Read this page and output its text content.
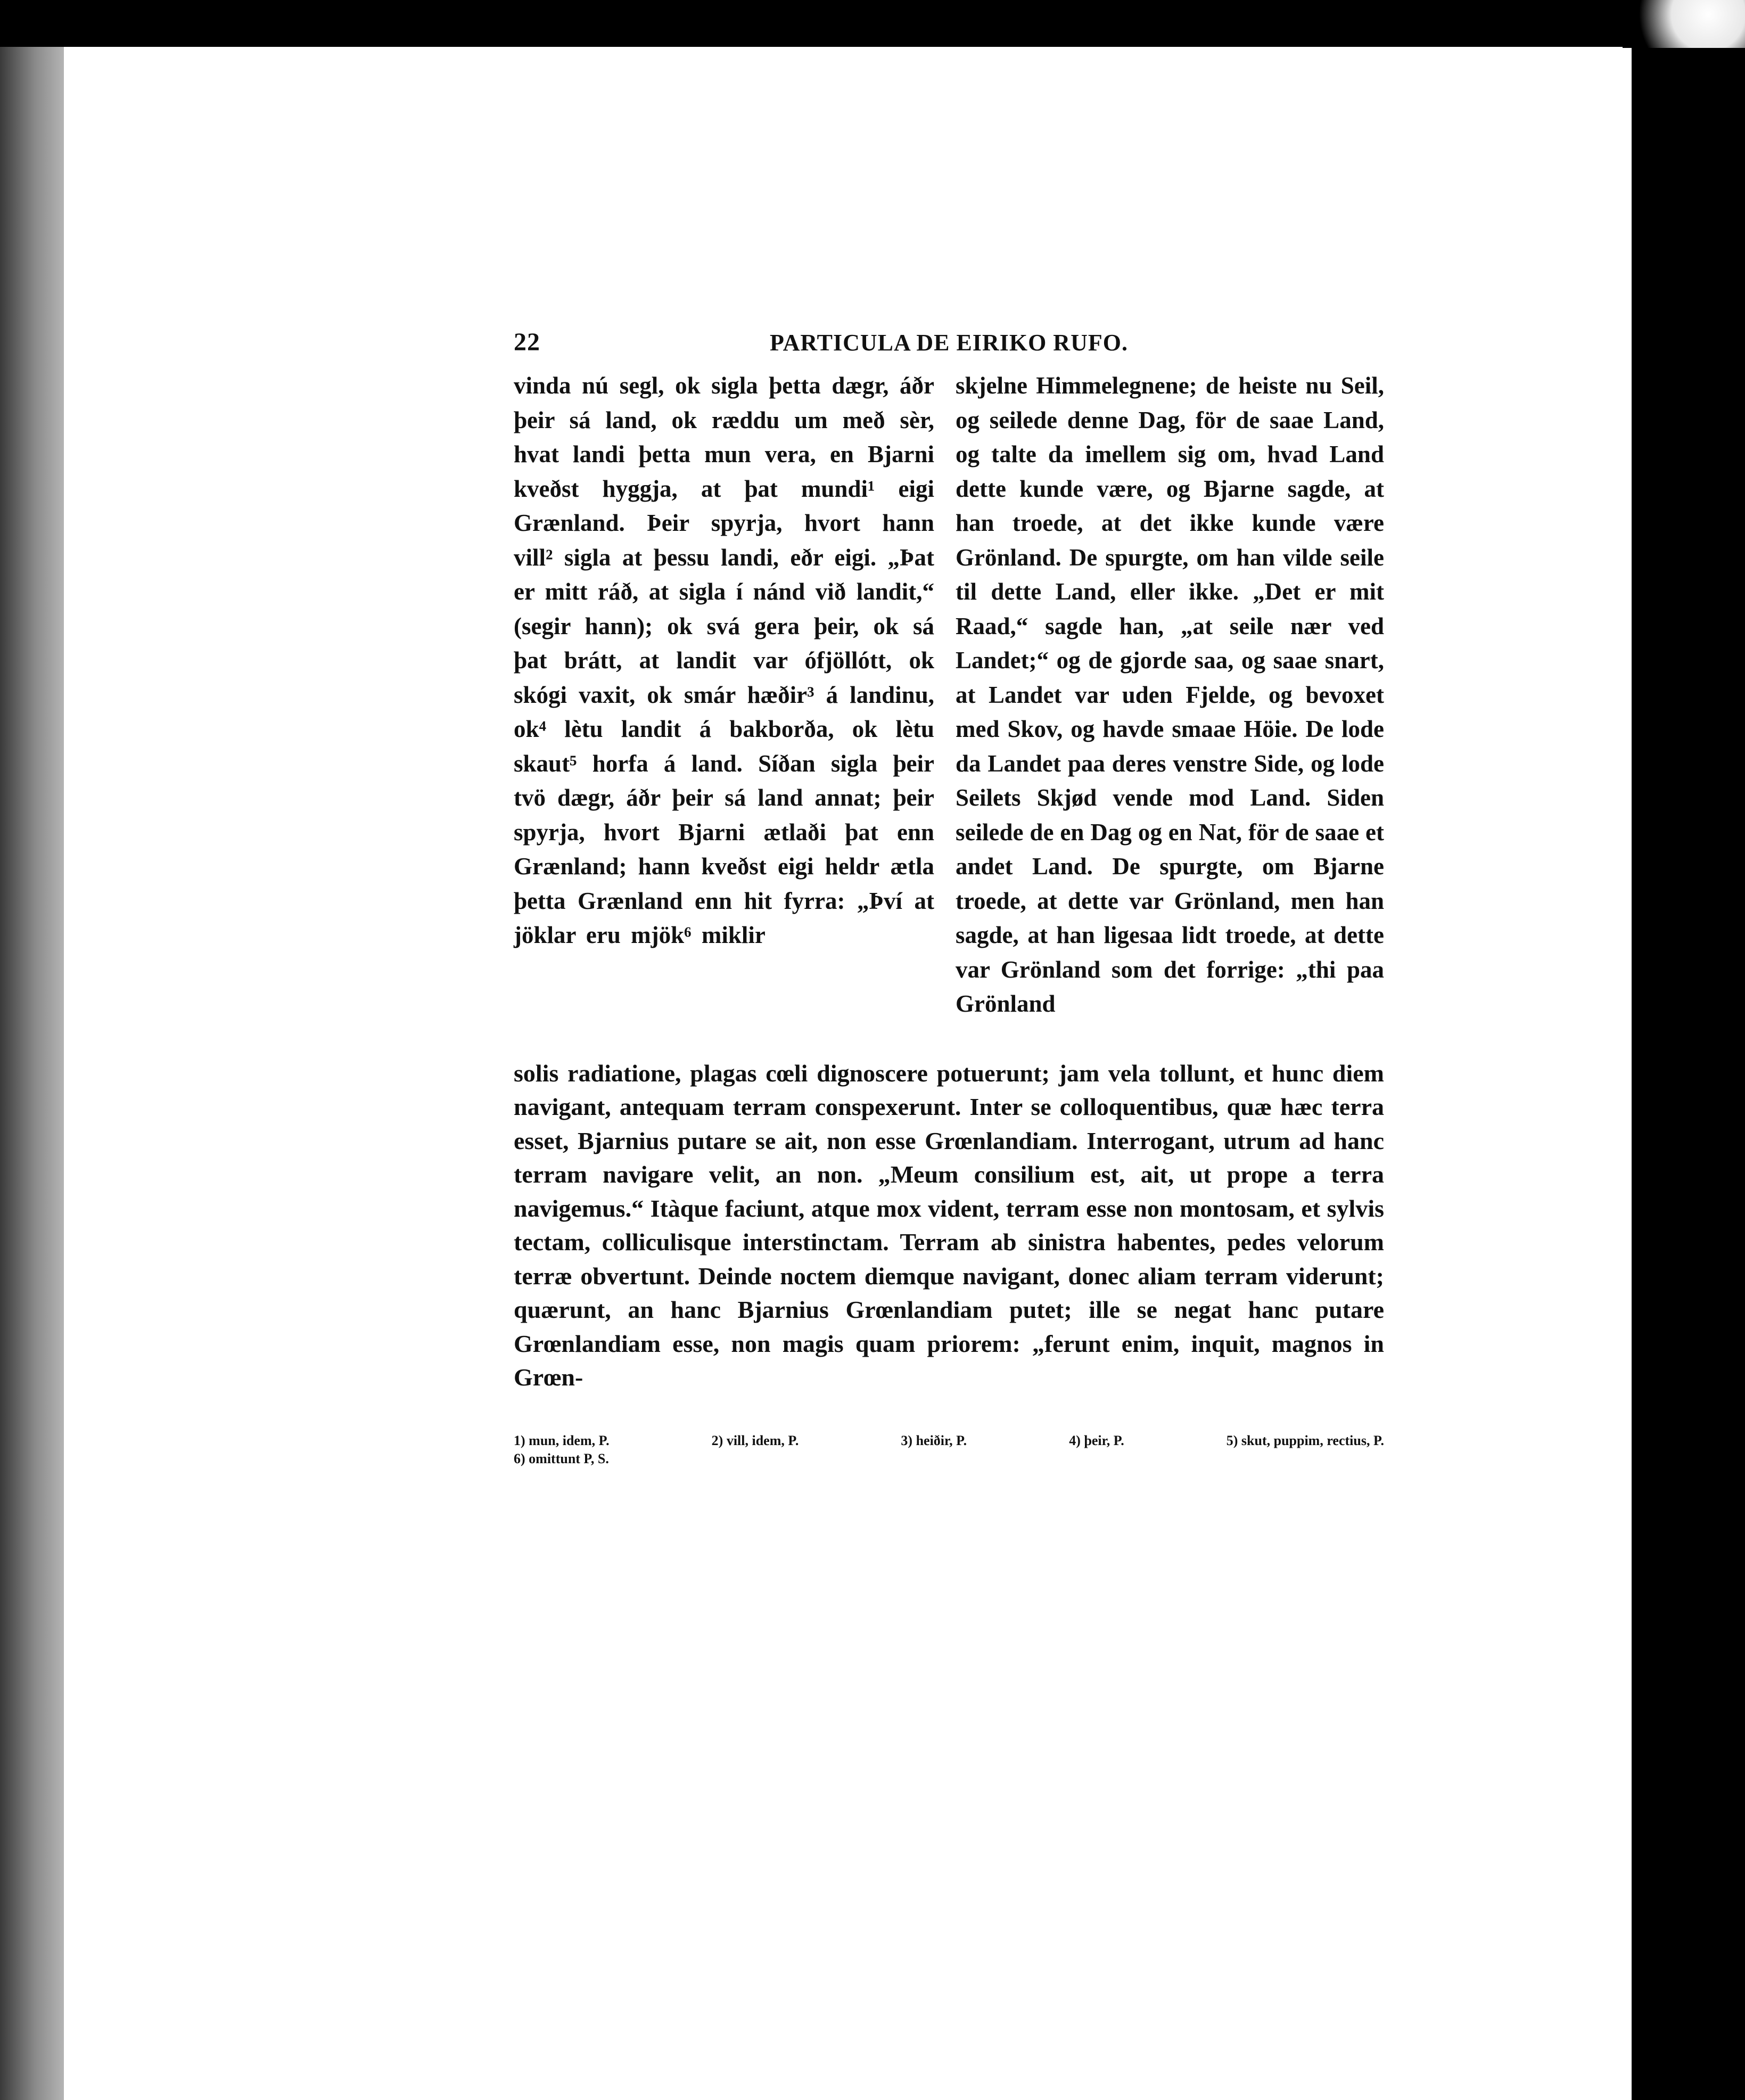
22	PARTICULA DE EIRIKO RUFO.
vinda nú segl, ok sigla þetta dægr, áðr þeir sá land, ok ræddu um með sèr, hvat landi þetta mun vera, en Bjarni kveðst hyggja, at þat mundi¹ eigi Grænland. Þeir spyrja, hvort hann vill² sigla at þessu landi, eðr eigi. „Þat er mitt ráð, at sigla í nánd við landit,“ (segir hann); ok svá gera þeir, ok sá þat brátt, at landit var ófjöllótt, ok skógi vaxit, ok smár hæðir³ á landinu, ok⁴ lètu landit á bakborða, ok lètu skaut⁵ horfa á land. Síðan sigla þeir tvö dægr, áðr þeir sá land annat; þeir spyrja, hvort Bjarni ætlaði þat enn Grænland; hann kveðst eigi heldr ætla þetta Grænland enn hit fyrra: „Því at jöklar eru mjök⁶ miklir
skjelne Himmelegnene; de heiste nu Seil, og seilede denne Dag, för de saae Land, og talte da imellem sig om, hvad Land dette kunde være, og Bjarne sagde, at han troede, at det ikke kunde være Grönland. De spurgte, om han vilde seile til dette Land, eller ikke. „Det er mit Raad,“ sagde han, „at seile nær ved Landet;“ og de gjorde saa, og saae snart, at Landet var uden Fjelde, og bevoxet med Skov, og havde smaae Höie. De lode da Landet paa deres venstre Side, og lode Seilets Skjød vende mod Land. Siden seilede de en Dag og en Nat, för de saae et andet Land. De spurgte, om Bjarne troede, at dette var Grönland, men han sagde, at han ligesaa lidt troede, at dette var Grönland som det forrige: „thi paa Grönland
solis radiatione, plagas cœli dignoscere potuerunt; jam vela tollunt, et hunc diem navigant, antequam terram conspexerunt. Inter se colloquentibus, quæ hæc terra esset, Bjarnius putare se ait, non esse Grœnlandiam. Interrogant, utrum ad hanc terram navigare velit, an non. „Meum consilium est, ait, ut prope a terra navigemus.“ Itàque faciunt, atque mox vident, terram esse non montosam, et sylvis tectam, colliculisque interstinctam. Terram ab sinistra habentes, pedes velorum terræ obvertunt. Deinde noctem diemque navigant, donec aliam terram viderunt; quærunt, an hanc Bjarnius Grœnlandiam putet; ille se negat hanc putare Grœnlandiam esse, non magis quam priorem: „ferunt enim, inquit, magnos in Grœn-
1) mun, idem, P.	2) vill, idem, P.	3) heiðir, P.	4) þeir, P.	5) skut, puppim, rectius, P.
6) omittunt P, S.
